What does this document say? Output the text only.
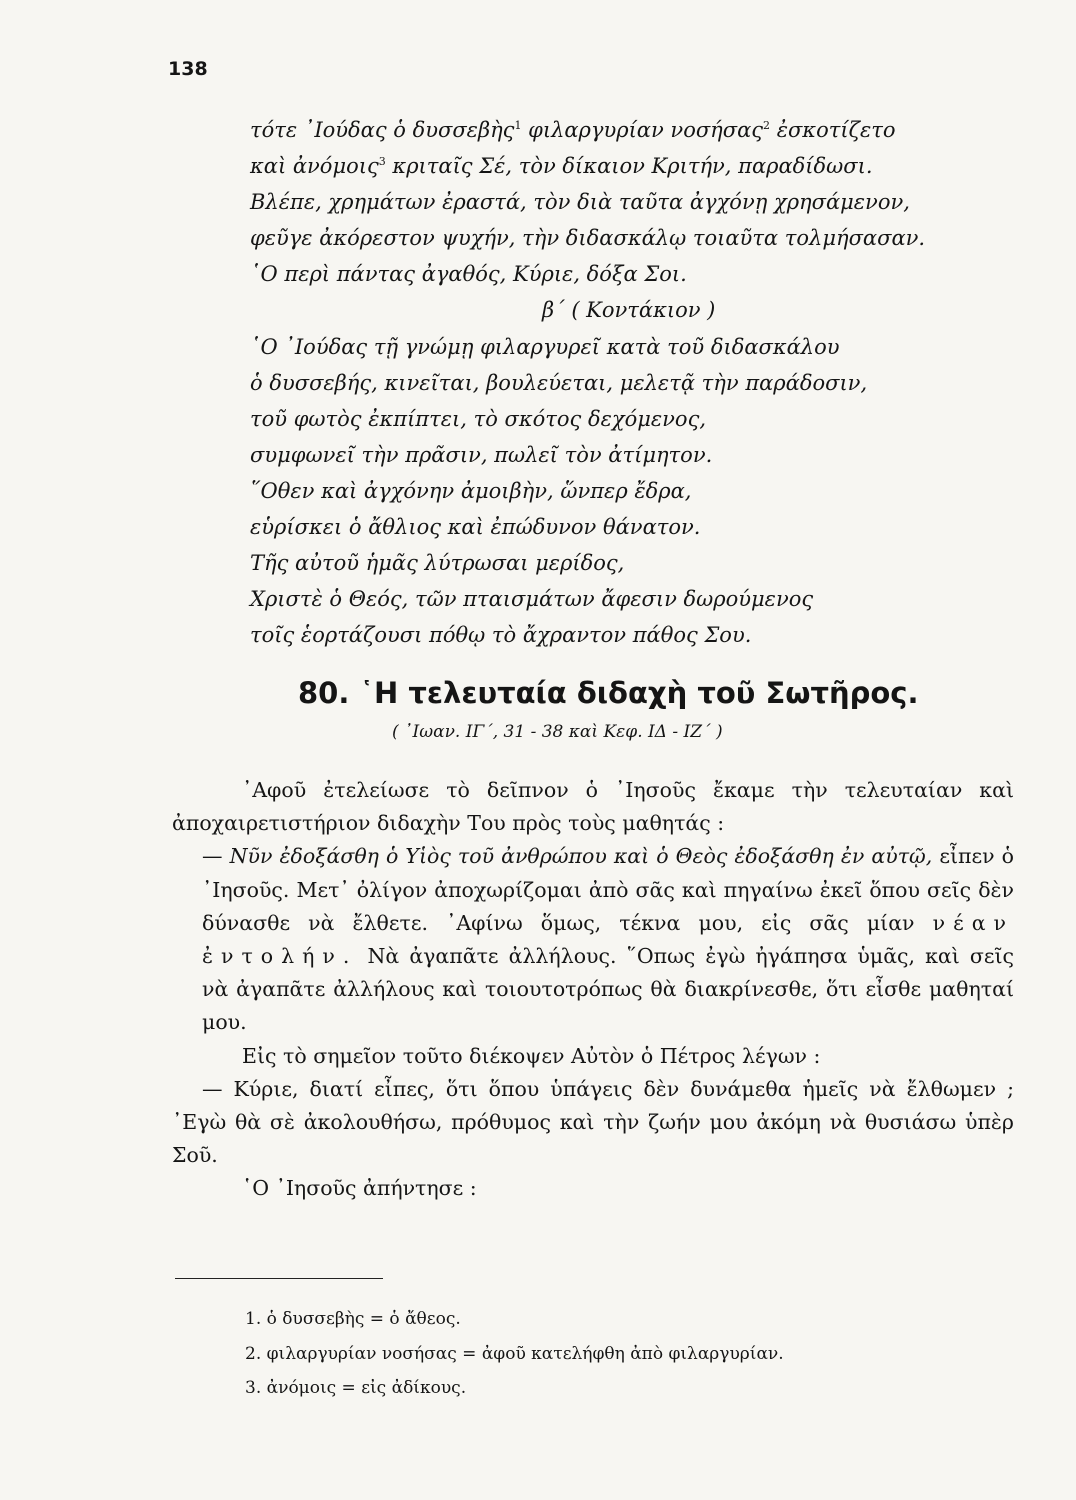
138
τότε ᾿Ιούδας ὁ δυσσεβὴς$^1$ φιλαργυρίαν νοσήσας$^2$ ἐσκοτίζετο
καὶ ἀνόμοις$^3$ κριταῖς Σέ, τὸν δίκαιον Κριτήν, παραδίδωσι.
Βλέπε, χρημάτων ἐραστά, τὸν διὰ ταῦτα ἀγχόνῃ χρησάμενον,
φεῦγε ἀκόρεστον ψυχήν, τὴν διδασκάλῳ τοιαῦτα τολμήσασαν.
῾Ο περὶ πάντας ἀγαθός, Κύριε, δόξα Σοι.
β΄ ( Κοντάκιον )
῾Ο ᾿Ιούδας τῇ γνώμῃ φιλαργυρεῖ κατὰ τοῦ διδασκάλου
ὁ δυσσεβής, κινεῖται, βουλεύεται, μελετᾷ τὴν παράδοσιν,
τοῦ φωτὸς ἐκπίπτει, τὸ σκότος δεχόμενος,
συμφωνεῖ τὴν πρᾶσιν, πωλεῖ τὸν ἀτίμητον.
῞Οθεν καὶ ἀγχόνην ἀμοιβὴν, ὥνπερ ἔδρα,
εὑρίσκει ὁ ἄθλιος καὶ ἐπώδυνον θάνατον.
Τῆς αὐτοῦ ἡμᾶς λύτρωσαι μερίδος,
Χριστὲ ὁ Θεός, τῶν πταισμάτων ἄφεσιν δωρούμενος
τοῖς ἑορτάζουσι πόθῳ τὸ ἄχραντον πάθος Σου.
80. ῾Η τελευταία διδαχὴ τοῦ Σωτῆρος.
( ᾿Ιωαν. ΙΓ΄, 31 - 38 καὶ Κεφ. ΙΔ - ΙΖ΄ )

᾿Αφοῦ ἐτελείωσε τὸ δεῖπνον ὁ ᾿Ιησοῦς ἔκαμε τὴν τελευταίαν καὶ ἀποχαιρετιστήριον διδαχὴν Του πρὸς τοὺς μαθητάς :

— Νῦν ἐδοξάσθη ὁ Υἱὸς τοῦ ἀνθρώπου καὶ ὁ Θεὸς ἐδοξάσθη ἐν αὐτῷ, εἶπεν ὁ ᾿Ιησοῦς. Μετ᾿ ὀλίγον ἀποχωρίζομαι ἀπὸ σᾶς καὶ πηγαίνω ἐκεῖ ὅπου σεῖς δὲν δύνασθε νὰ ἔλθετε. ᾿Αφίνω ὅμως, τέκνα μου, εἰς σᾶς μίαν νέαν ἐντολήν. Νὰ ἀγαπᾶτε ἀλλήλους. ῞Οπως ἐγὼ ἠγάπησα ὑμᾶς, καὶ σεῖς νὰ ἀγαπᾶτε ἀλλήλους καὶ τοιουτοτρόπως θὰ διακρίνεσθε, ὅτι εἶσθε μαθηταί μου.

Εἰς τὸ σημεῖον τοῦτο διέκοψεν Αὐτὸν ὁ Πέτρος λέγων :

— Κύριε, διατί εἶπες, ὅτι ὅπου ὑπάγεις δὲν δυνάμεθα ἡμεῖς νὰ ἔλθωμεν ; ᾿Εγὼ θὰ σὲ ἀκολουθήσω, πρόθυμος καὶ τὴν ζωήν μου ἀκόμη νὰ θυσιάσω ὑπὲρ Σοῦ.

῾Ο ᾿Ιησοῦς ἀπήντησε :

1. ὁ δυσσεβὴς = ὁ ἄθεος.
2. φιλαργυρίαν νοσήσας = ἀφοῦ κατελήφθη ἀπὸ φιλαργυρίαν.
3. ἀνόμοις = εἰς ἀδίκους.
